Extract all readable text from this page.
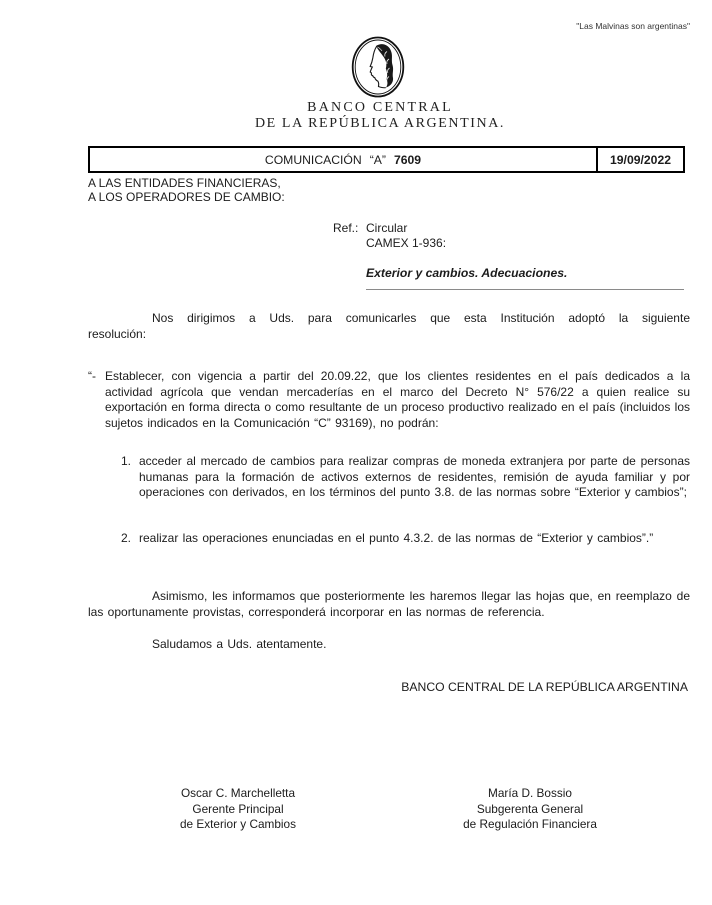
"Las Malvinas son argentinas"
BANCO CENTRAL
DE LA REPÚBLICA ARGENTINA.
COMUNICACIÓN “A” 7609	19/09/2022
A LAS ENTIDADES FINANCIERAS,
A LOS OPERADORES DE CAMBIO:
Ref.: Circular
CAMEX 1-936:
Exterior y cambios. Adecuaciones.

Nos dirigimos a Uds. para comunicarles que esta Institución adoptó la siguiente resolución:

“- Establecer, con vigencia a partir del 20.09.22, que los clientes residentes en el país dedicados a la actividad agrícola que vendan mercaderías en el marco del Decreto N° 576/22 a quien realice su exportación en forma directa o como resultante de un proceso productivo realizado en el país (incluidos los sujetos indicados en la Comunicación “C” 93169), no podrán:
1. acceder al mercado de cambios para realizar compras de moneda extranjera por parte de personas humanas para la formación de activos externos de residentes, remisión de ayuda familiar y por operaciones con derivados, en los términos del punto 3.8. de las normas sobre “Exterior y cambios”;
2. realizar las operaciones enunciadas en el punto 4.3.2. de las normas de “Exterior y cambios”.”

Asimismo, les informamos que posteriormente les haremos llegar las hojas que, en reemplazo de las oportunamente provistas, corresponderá incorporar en las normas de referencia.

Saludamos a Uds. atentamente.

BANCO CENTRAL DE LA REPÚBLICA ARGENTINA
Oscar C. Marchelletta
Gerente Principal
de Exterior y Cambios
María D. Bossio
Subgerenta General
de Regulación Financiera
